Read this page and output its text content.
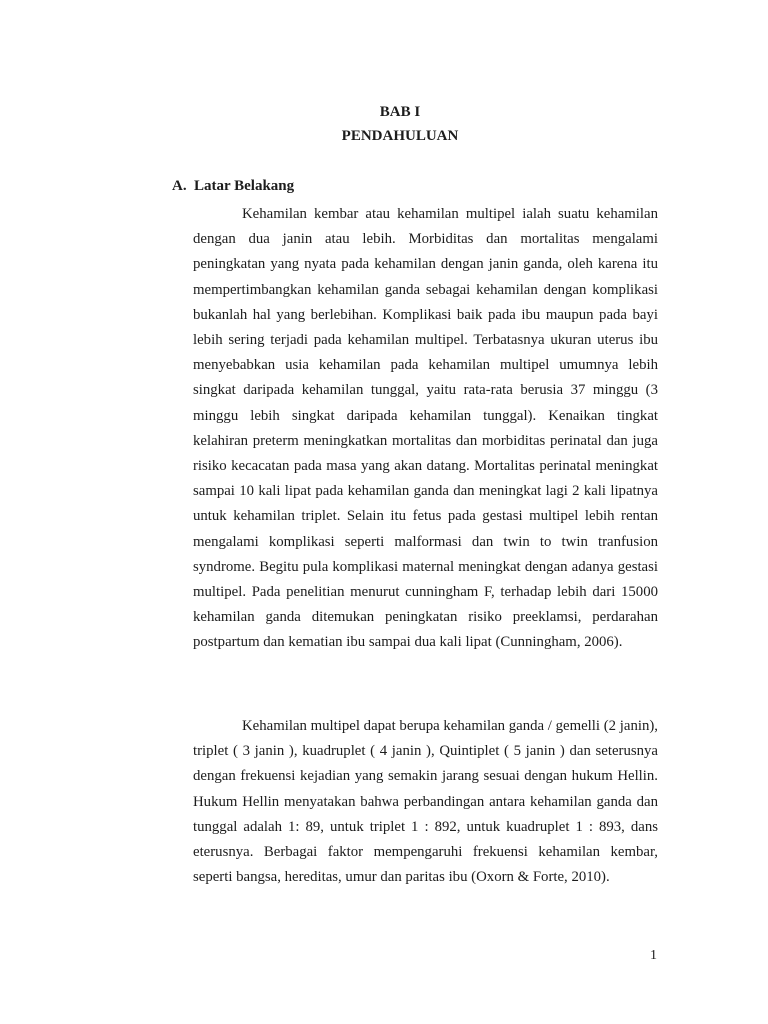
BAB I
PENDAHULUAN
A. Latar Belakang

Kehamilan kembar atau kehamilan multipel ialah suatu kehamilan dengan dua janin atau lebih. Morbiditas dan mortalitas mengalami peningkatan yang nyata pada kehamilan dengan janin ganda, oleh karena itu mempertimbangkan kehamilan ganda sebagai kehamilan dengan komplikasi bukanlah hal yang berlebihan. Komplikasi baik pada ibu maupun pada bayi lebih sering terjadi pada kehamilan multipel. Terbatasnya ukuran uterus ibu menyebabkan usia kehamilan pada kehamilan multipel umumnya lebih singkat daripada kehamilan tunggal, yaitu rata-rata berusia 37 minggu (3 minggu lebih singkat daripada kehamilan tunggal). Kenaikan tingkat kelahiran preterm meningkatkan mortalitas dan morbiditas perinatal dan juga risiko kecacatan pada masa yang akan datang. Mortalitas perinatal meningkat sampai 10 kali lipat pada kehamilan ganda dan meningkat lagi 2 kali lipatnya untuk kehamilan triplet. Selain itu fetus pada gestasi multipel lebih rentan mengalami komplikasi seperti malformasi dan twin to twin tranfusion syndrome. Begitu pula komplikasi maternal meningkat dengan adanya gestasi multipel. Pada penelitian menurut cunningham F, terhadap lebih dari 15000 kehamilan ganda ditemukan peningkatan risiko preeklamsi, perdarahan postpartum dan kematian ibu sampai dua kali lipat (Cunningham, 2006).

Kehamilan multipel dapat berupa kehamilan ganda / gemelli (2 janin), triplet ( 3 janin ), kuadruplet ( 4 janin ), Quintiplet ( 5 janin ) dan seterusnya dengan frekuensi kejadian yang semakin jarang sesuai dengan hukum Hellin. Hukum Hellin menyatakan bahwa perbandingan antara kehamilan ganda dan tunggal adalah 1: 89, untuk triplet 1 : 892, untuk kuadruplet 1 : 893, dans eterusnya. Berbagai faktor mempengaruhi frekuensi kehamilan kembar, seperti bangsa, hereditas, umur dan paritas ibu (Oxorn & Forte, 2010).

1
